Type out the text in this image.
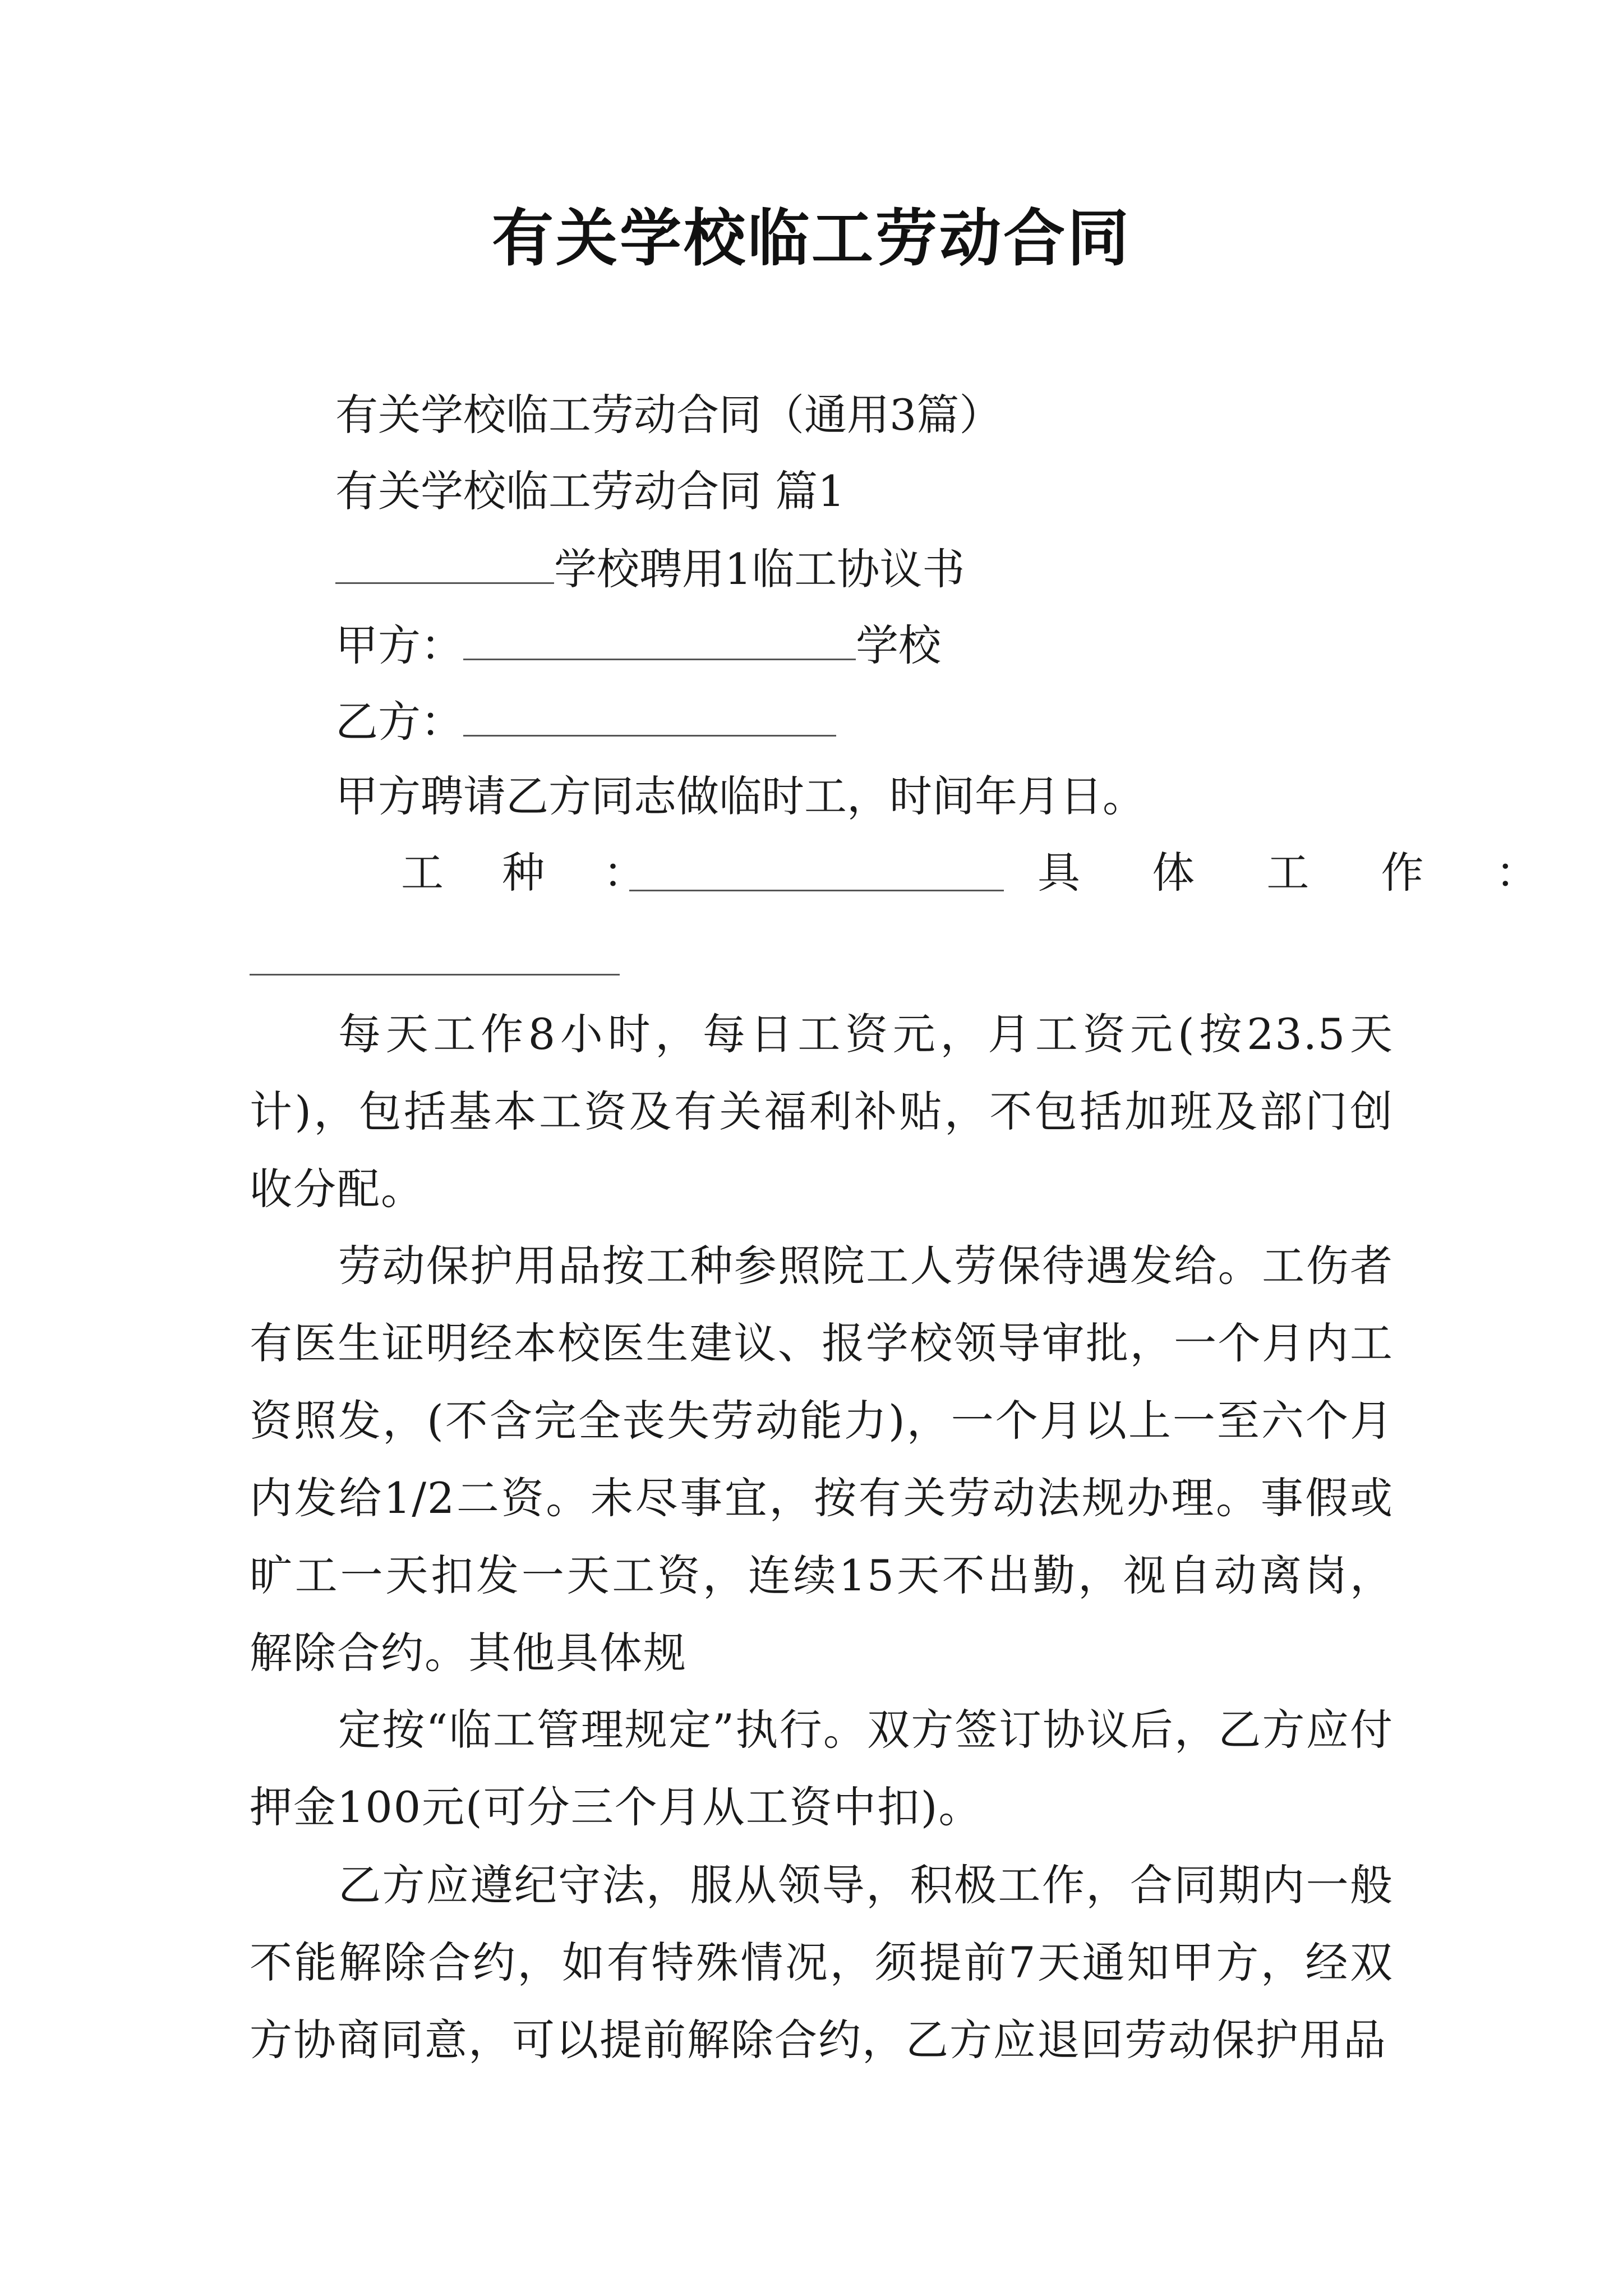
有关学校临工劳动合同
有关学校临工劳动合同（通用3篇）
有关学校临工劳动合同 篇1
学校聘用1临工协议书
甲方：	学校
乙方：
甲方聘请乙方同志做临时工，时间年月日。
工 种 ：	具 体 工 作 ：
每天工作8小时，每日工资元，月工资元(按23.5天计)，包括基本工资及有关福利补贴，不包括加班及部门创收分配。
劳动保护用品按工种参照院工人劳保待遇发给。工伤者有医生证明经本校医生建议、报学校领导审批，一个月内工资照发，(不含完全丧失劳动能力)，一个月以上一至六个月内发给1/2二资。未尽事宜，按有关劳动法规办理。事假或旷工一天扣发一天工资，连续15天不出勤，视自动离岗，解除合约。其他具体规
定按“临工管理规定”执行。双方签订协议后，乙方应付押金100元(可分三个月从工资中扣)。
乙方应遵纪守法，服从领导，积极工作，合同期内一般不能解除合约，如有特殊情况，须提前7天通知甲方，经双方协商同意，可以提前解除合约，乙方应退回劳动保护用品
